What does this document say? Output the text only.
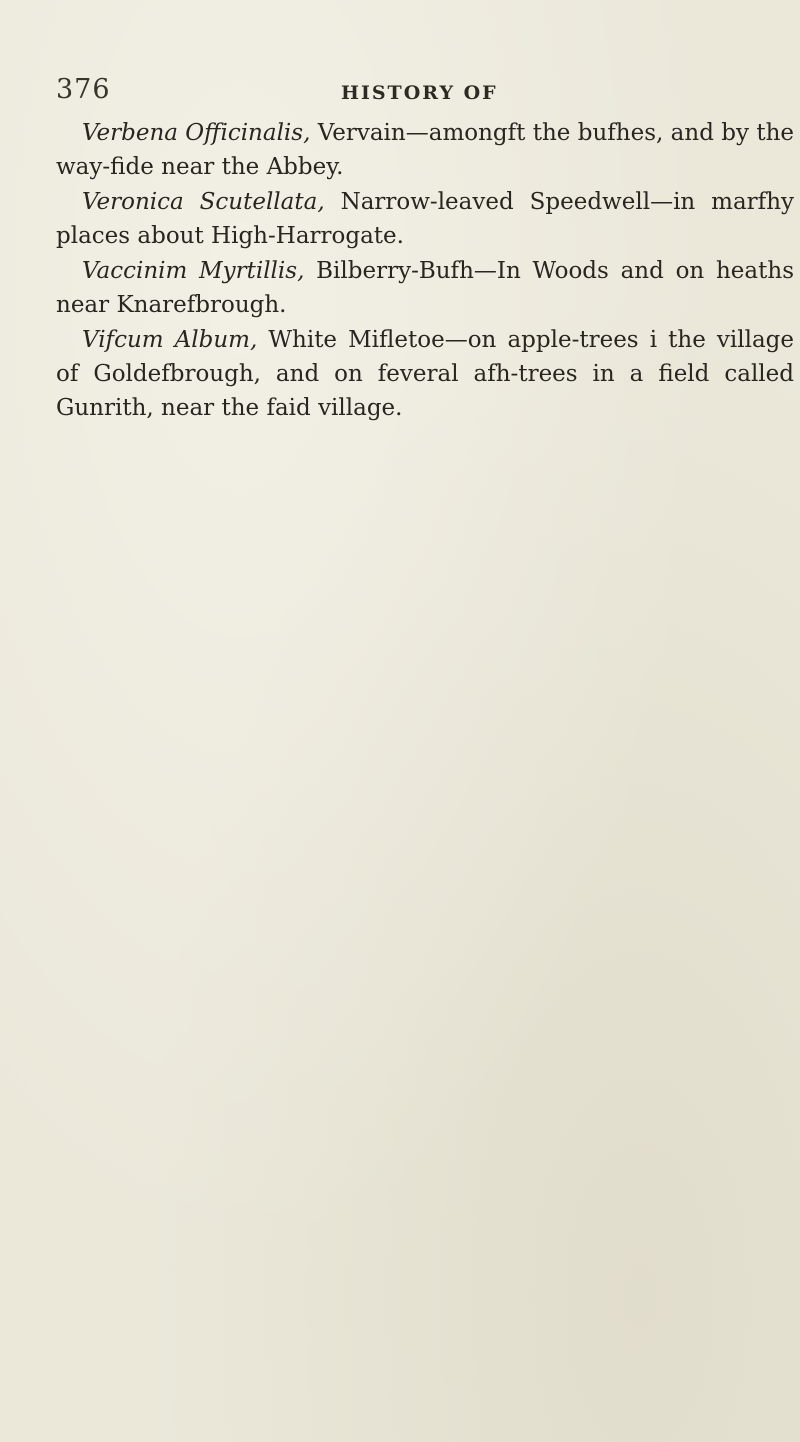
376	HISTORY OF

Verbena Officinalis, Vervain—amongft the bufhes, and by the way-fide near the Abbey.

Veronica Scutellata, Narrow-leaved Speedwell—in marfhy places about High-Harrogate.

Vaccinim Myrtillis, Bilberry-Bufh—In Woods and on heaths near Knarefbrough.

Vifcum Album, White Mifletoe—on apple-trees i the village of Goldefbrough, and on feveral afh-trees in a field called Gunrith, near the faid village.
